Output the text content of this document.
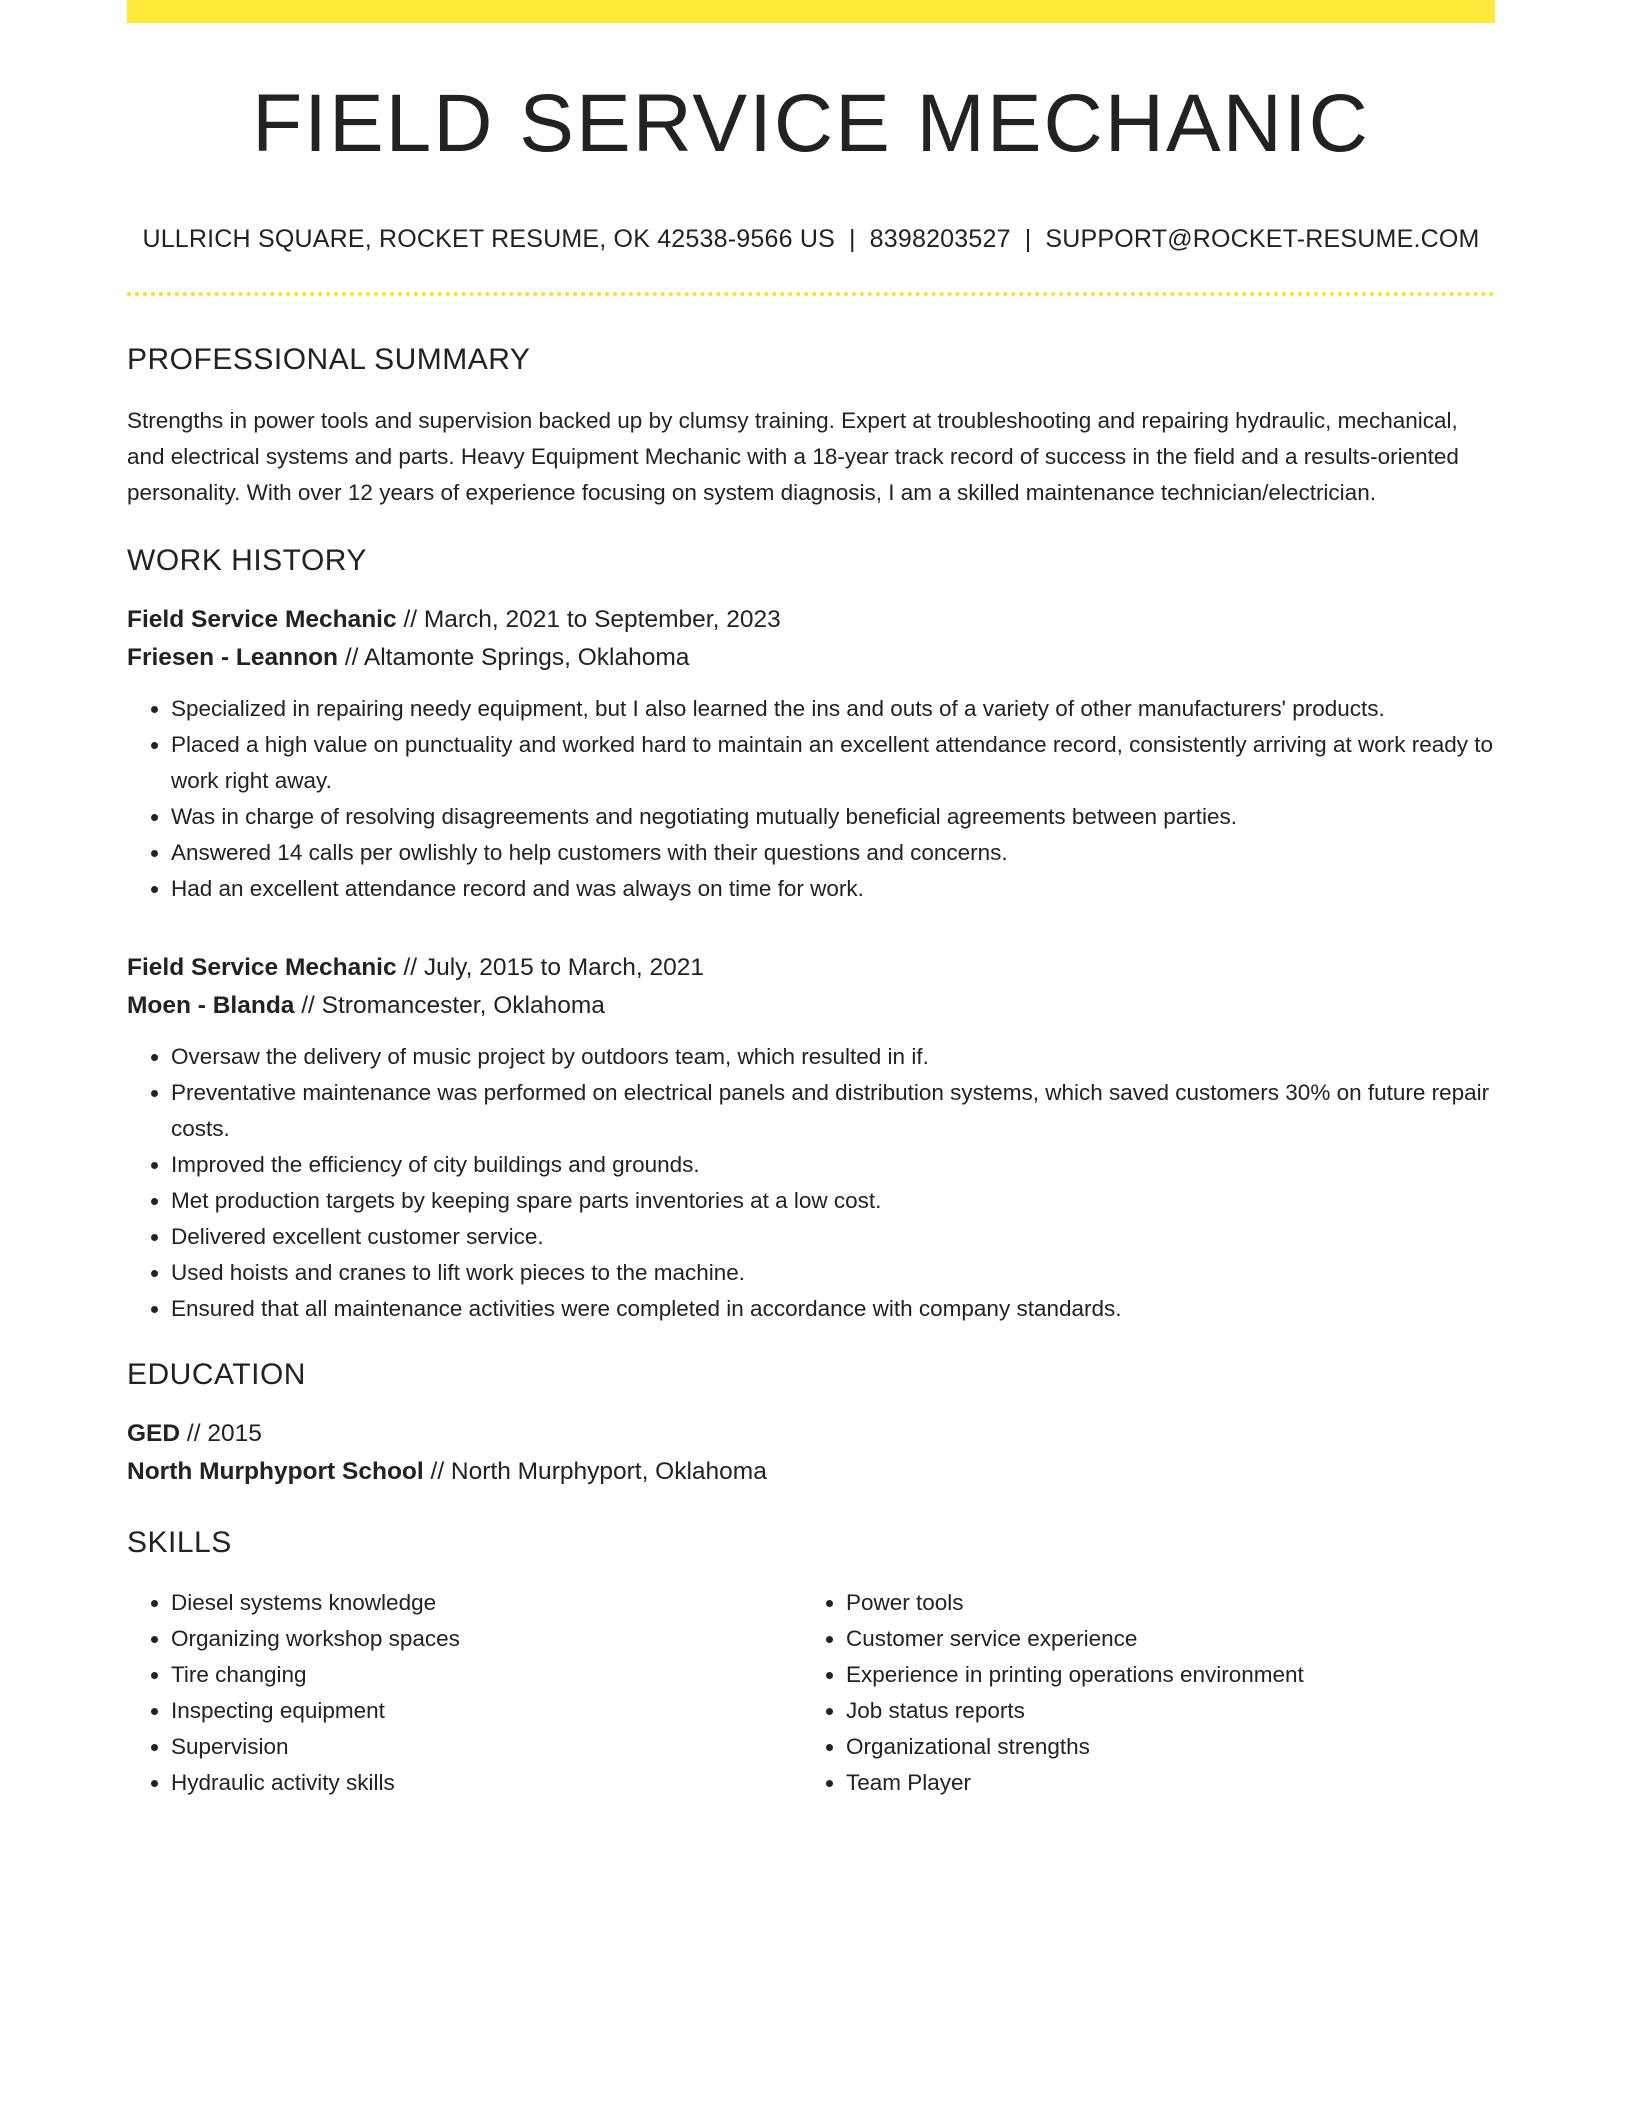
FIELD SERVICE MECHANIC
ULLRICH SQUARE, ROCKET RESUME, OK 42538-9566 US | 8398203527 | SUPPORT@ROCKET-RESUME.COM
PROFESSIONAL SUMMARY

Strengths in power tools and supervision backed up by clumsy training. Expert at troubleshooting and repairing hydraulic, mechanical, and electrical systems and parts. Heavy Equipment Mechanic with a 18-year track record of success in the field and a results-oriented personality. With over 12 years of experience focusing on system diagnosis, I am a skilled maintenance technician/electrician.

WORK HISTORY
Field Service Mechanic // March, 2021 to September, 2023
Friesen - Leannon // Altamonte Springs, Oklahoma
• Specialized in repairing needy equipment, but I also learned the ins and outs of a variety of other manufacturers' products.
• Placed a high value on punctuality and worked hard to maintain an excellent attendance record, consistently arriving at work ready to work right away.
• Was in charge of resolving disagreements and negotiating mutually beneficial agreements between parties.
• Answered 14 calls per owlishly to help customers with their questions and concerns.
• Had an excellent attendance record and was always on time for work.
Field Service Mechanic // July, 2015 to March, 2021
Moen - Blanda // Stromancester, Oklahoma
• Oversaw the delivery of music project by outdoors team, which resulted in if.
• Preventative maintenance was performed on electrical panels and distribution systems, which saved customers 30% on future repair costs.
• Improved the efficiency of city buildings and grounds.
• Met production targets by keeping spare parts inventories at a low cost.
• Delivered excellent customer service.
• Used hoists and cranes to lift work pieces to the machine.
• Ensured that all maintenance activities were completed in accordance with company standards.
EDUCATION
GED // 2015
North Murphyport School // North Murphyport, Oklahoma
SKILLS
• Diesel systems knowledge
• Organizing workshop spaces
• Tire changing
• Inspecting equipment
• Supervision
• Hydraulic activity skills
• Power tools
• Customer service experience
• Experience in printing operations environment
• Job status reports
• Organizational strengths
• Team Player
